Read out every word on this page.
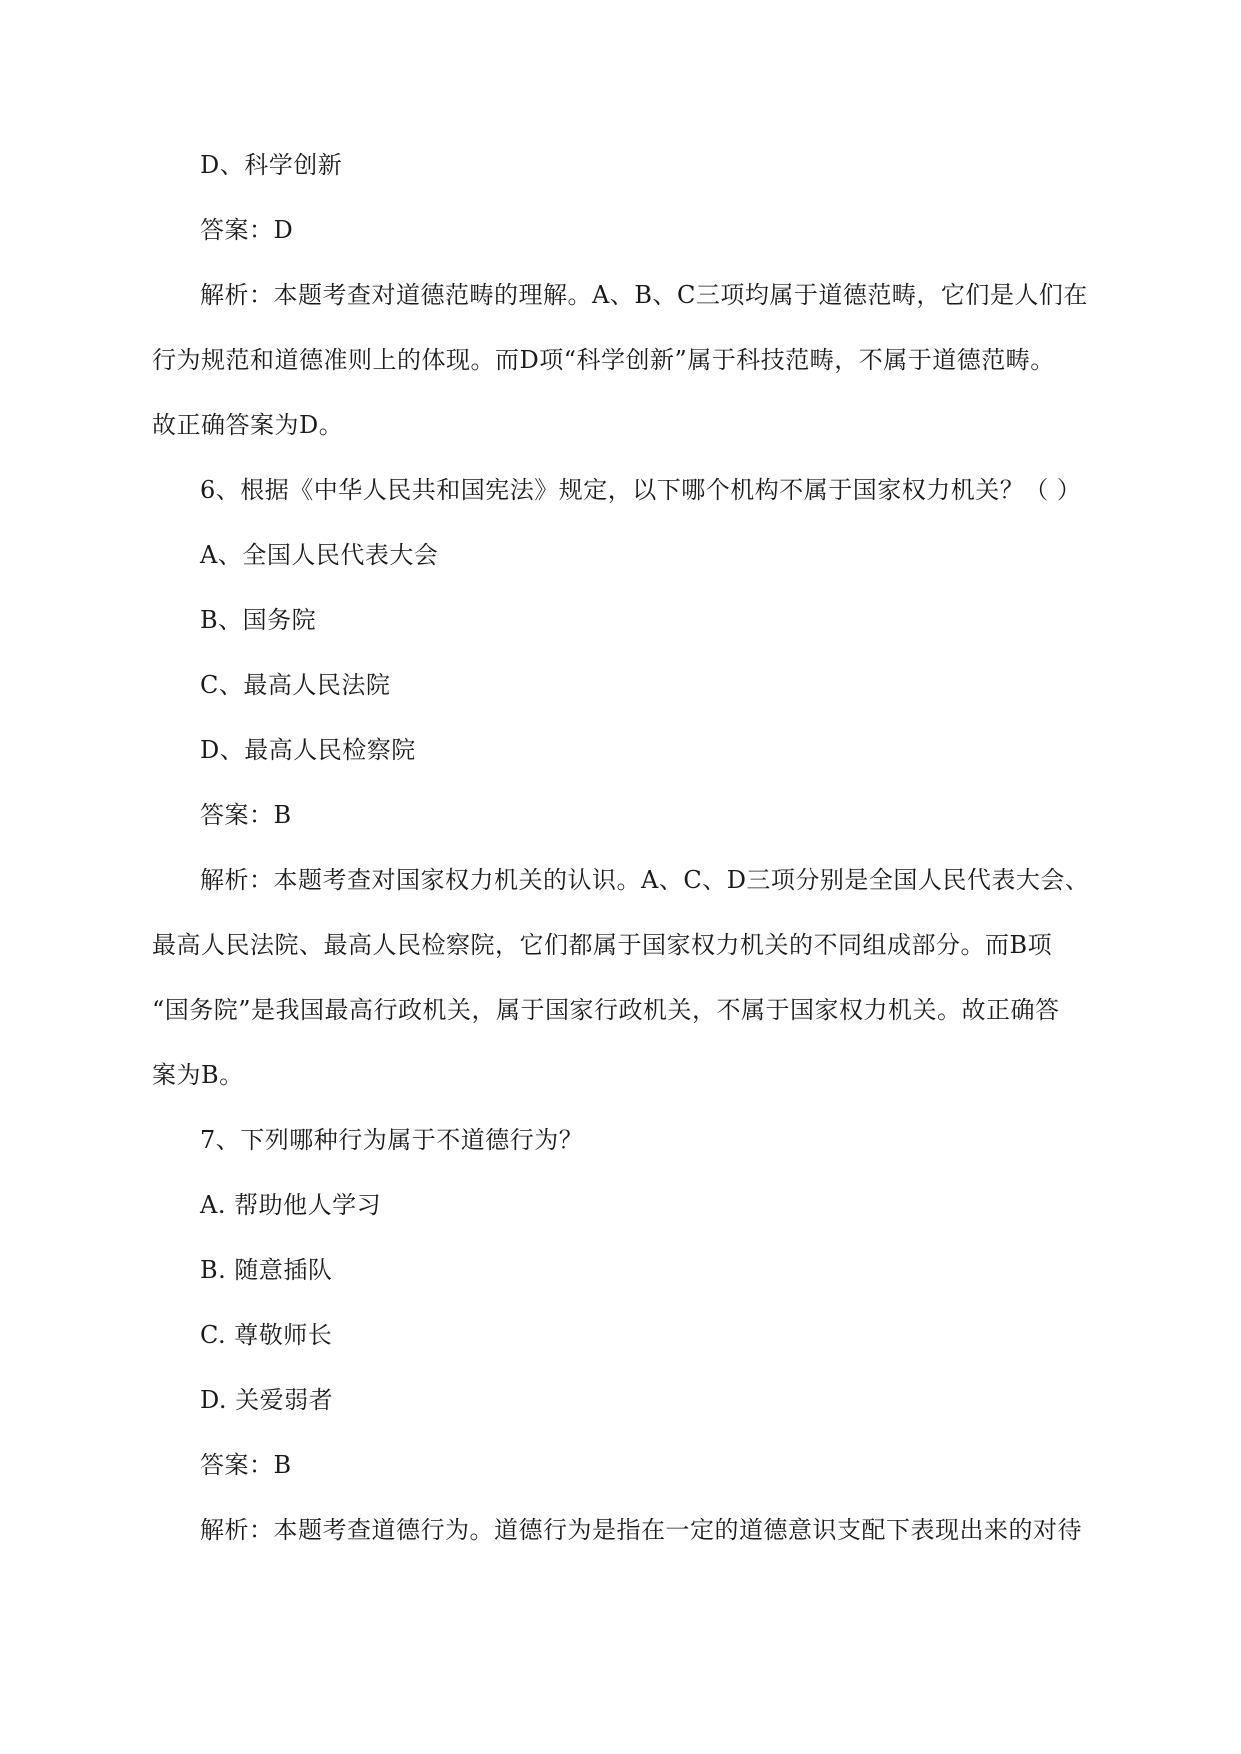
D、科学创新
答案：D
解析：本题考查对道德范畴的理解。A、B、C三项均属于道德范畴，它们是人们在
行为规范和道德准则上的体现。而D项“科学创新”属于科技范畴，不属于道德范畴。
故正确答案为D。
6、根据《中华人民共和国宪法》规定，以下哪个机构不属于国家权力机关？（ ）
A、全国人民代表大会
B、国务院
C、最高人民法院
D、最高人民检察院
答案：B
解析：本题考查对国家权力机关的认识。A、C、D三项分别是全国人民代表大会、
最高人民法院、最高人民检察院，它们都属于国家权力机关的不同组成部分。而B项
“国务院”是我国最高行政机关，属于国家行政机关，不属于国家权力机关。故正确答
案为B。
7、下列哪种行为属于不道德行为？
A. 帮助他人学习
B. 随意插队
C. 尊敬师长
D. 关爱弱者
答案：B
解析：本题考查道德行为。道德行为是指在一定的道德意识支配下表现出来的对待
